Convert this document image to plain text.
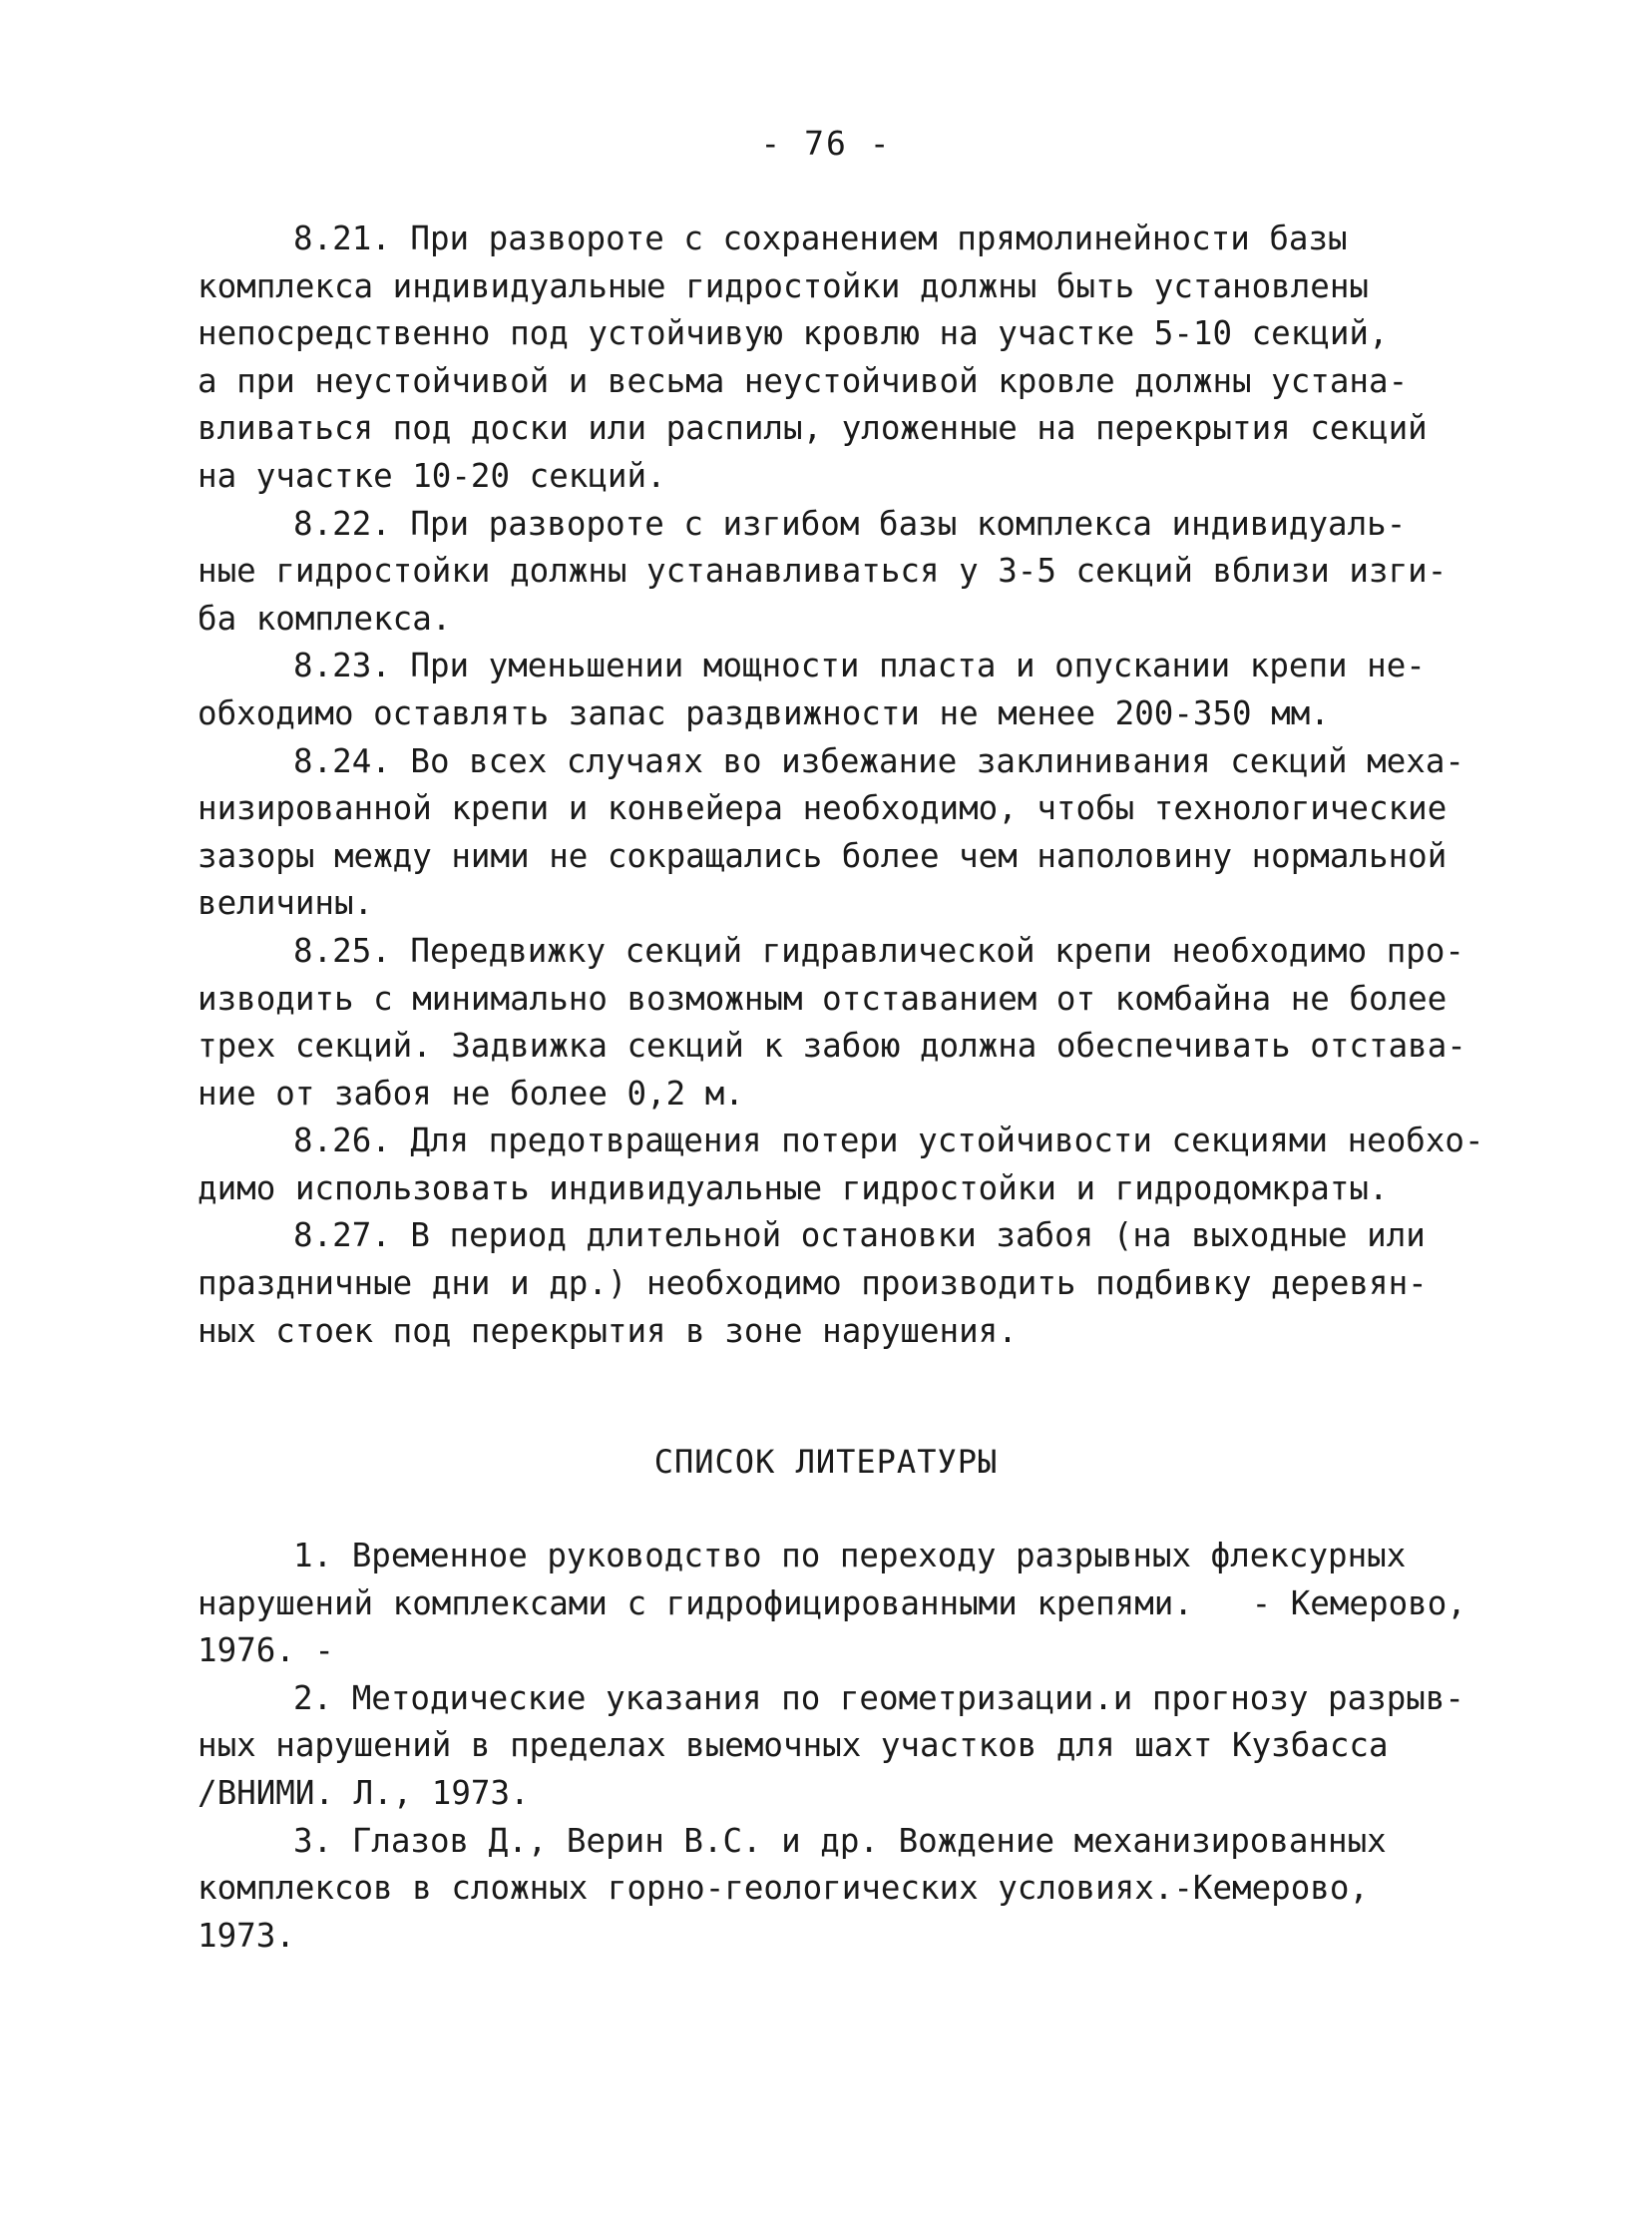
- 76 -
8.21. При развороте с сохранением прямолинейности базы
комплекса индивидуальные гидростойки должны быть установлены
непосредственно под устойчивую кровлю на участке 5-10 секций,
а при неустойчивой и весьма неустойчивой кровле должны устана-
вливаться под доски или распилы, уложенные на перекрытия секций
на участке 10-20 секций.
8.22. При развороте с изгибом базы комплекса индивидуаль-
ные гидростойки должны устанавливаться у 3-5 секций вблизи изги-
ба комплекса.
8.23. При уменьшении мощности пласта и опускании крепи не-
обходимо оставлять запас раздвижности не менее 200-350 мм.
8.24. Во всех случаях во избежание заклинивания секций меха-
низированной крепи и конвейера необходимо, чтобы технологические
зазоры между ними не сокращались более чем наполовину нормальной
величины.
8.25. Передвижку секций гидравлической крепи необходимо про-
изводить с минимально возможным отставанием от комбайна не более
трех секций. Задвижка секций к забою должна обеспечивать отстава-
ние от забоя не более 0,2 м.
8.26. Для предотвращения потери устойчивости секциями необхо-
димо использовать индивидуальные гидростойки и гидродомкраты.
8.27. В период длительной остановки забоя (на выходные или
праздничные дни и др.) необходимо производить подбивку деревян-
ных стоек под перекрытия в зоне нарушения.
СПИСОК ЛИТЕРАТУРЫ
1. Временное руководство по переходу разрывных флексурных
нарушений комплексами с гидрофицированными крепями.   - Кемерово,
1976. -
2. Методические указания по геометризации.и прогнозу разрыв-
ных нарушений в пределах выемочных участков для шахт Кузбасса
/ВНИМИ. Л., 1973.
3. Глазов Д., Верин В.С. и др. Вождение механизированных
комплексов в сложных горно-геологических условиях.-Кемерово,
1973.
